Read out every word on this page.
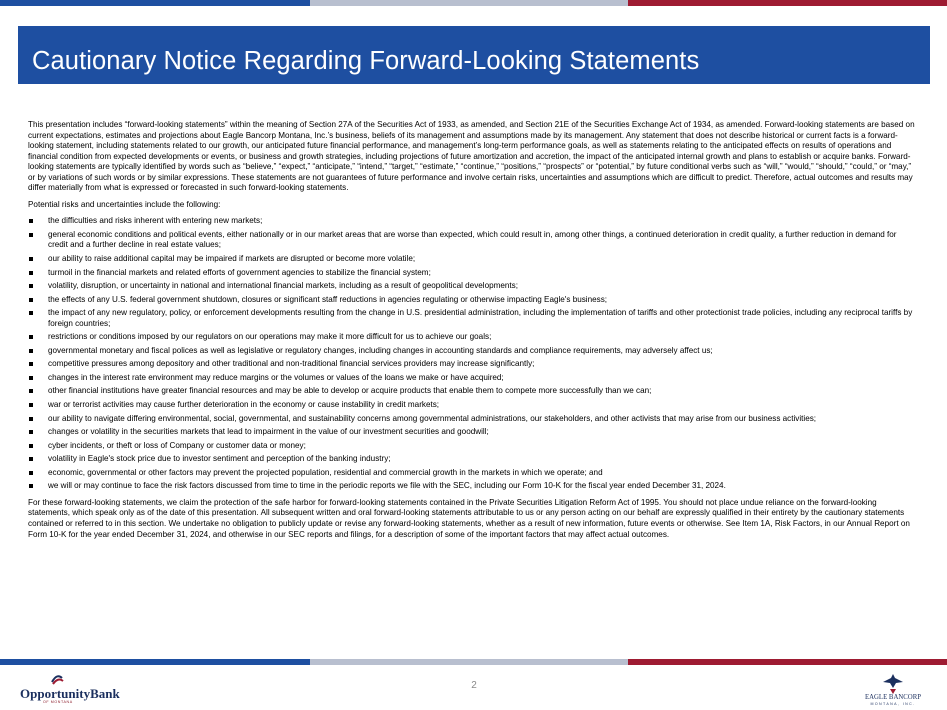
Cautionary Notice Regarding Forward-Looking Statements

This presentation includes “forward-looking statements” within the meaning of Section 27A of the Securities Act of 1933, as amended, and Section 21E of the Securities Exchange Act of 1934, as amended. Forward-looking statements are based on current expectations, estimates and projections about Eagle Bancorp Montana, Inc.’s business, beliefs of its management and assumptions made by its management. Any statement that does not describe historical or current facts is a forward-looking statement, including statements related to our growth, our anticipated future financial performance, and management’s long-term performance goals, as well as statements relating to the anticipated effects on results of operations and financial condition from expected developments or events, or business and growth strategies, including projections of future amortization and accretion, the impact of the anticipated internal growth and plans to establish or acquire banks. Forward-looking statements are typically identified by words such as “believe,” “expect,” “anticipate,” “intend,” “target,” “estimate,” “continue,” “positions,” “prospects” or “potential,” by future conditional verbs such as “will,” “would,” “should,” “could,” or “may,” or by variations of such words or by similar expressions. These statements are not guarantees of future performance and involve certain risks, uncertainties and assumptions which are difficult to predict. Therefore, actual outcomes and results may differ materially from what is expressed or forecasted in such forward-looking statements.

Potential risks and uncertainties include the following:

the difficulties and risks inherent with entering new markets;
general economic conditions and political events, either nationally or in our market areas that are worse than expected, which could result in, among other things, a continued deterioration in credit quality, a further reduction in demand for credit and a further decline in real estate values;
our ability to raise additional capital may be impaired if markets are disrupted or become more volatile;
turmoil in the financial markets and related efforts of government agencies to stabilize the financial system;
volatility, disruption, or uncertainty in national and international financial markets, including as a result of geopolitical developments;
the effects of any U.S. federal government shutdown, closures or significant staff reductions in agencies regulating or otherwise impacting Eagle's business;
the impact of any new regulatory, policy, or enforcement developments resulting from the change in U.S. presidential administration, including the implementation of tariffs and other protectionist trade policies, including any reciprocal tariffs by foreign countries;
restrictions or conditions imposed by our regulators on our operations may make it more difficult for us to achieve our goals;
governmental monetary and fiscal polices as well as legislative or regulatory changes, including changes in accounting standards and compliance requirements, may adversely affect us;
competitive pressures among depository and other traditional and non-traditional financial services providers may increase significantly;
changes in the interest rate environment may reduce margins or the volumes or values of the loans we make or have acquired;
other financial institutions have greater financial resources and may be able to develop or acquire products that enable them to compete more successfully than we can;
war or terrorist activities may cause further deterioration in the economy or cause instability in credit markets;
our ability to navigate differing environmental, social, governmental, and sustainability concerns among governmental administrations, our stakeholders, and other activists that may arise from our business activities;
changes or volatility in the securities markets that lead to impairment in the value of our investment securities and goodwill;
cyber incidents, or theft or loss of Company or customer data or money;
volatility in Eagle's stock price due to investor sentiment and perception of the banking industry;
economic, governmental or other factors may prevent the projected population, residential and commercial growth in the markets in which we operate; and
we will or may continue to face the risk factors discussed from time to time in the periodic reports we file with the SEC, including our Form 10-K for the fiscal year ended December 31, 2024.

For these forward-looking statements, we claim the protection of the safe harbor for forward-looking statements contained in the Private Securities Litigation Reform Act of 1995. You should not place undue reliance on the forward-looking statements, which speak only as of the date of this presentation. All subsequent written and oral forward-looking statements attributable to us or any person acting on our behalf are expressly qualified in their entirety by the cautionary statements contained or referred to in this section. We undertake no obligation to publicly update or revise any forward-looking statements, whether as a result of new information, future events or otherwise. See Item 1A, Risk Factors, in our Annual Report on Form 10-K for the year ended December 31, 2024, and otherwise in our SEC reports and filings, for a description of some of the important factors that may affect actual outcomes.

OpportunityBank
OF MONTANA
2
EAGLE BANCORP
MONTANA, INC.
